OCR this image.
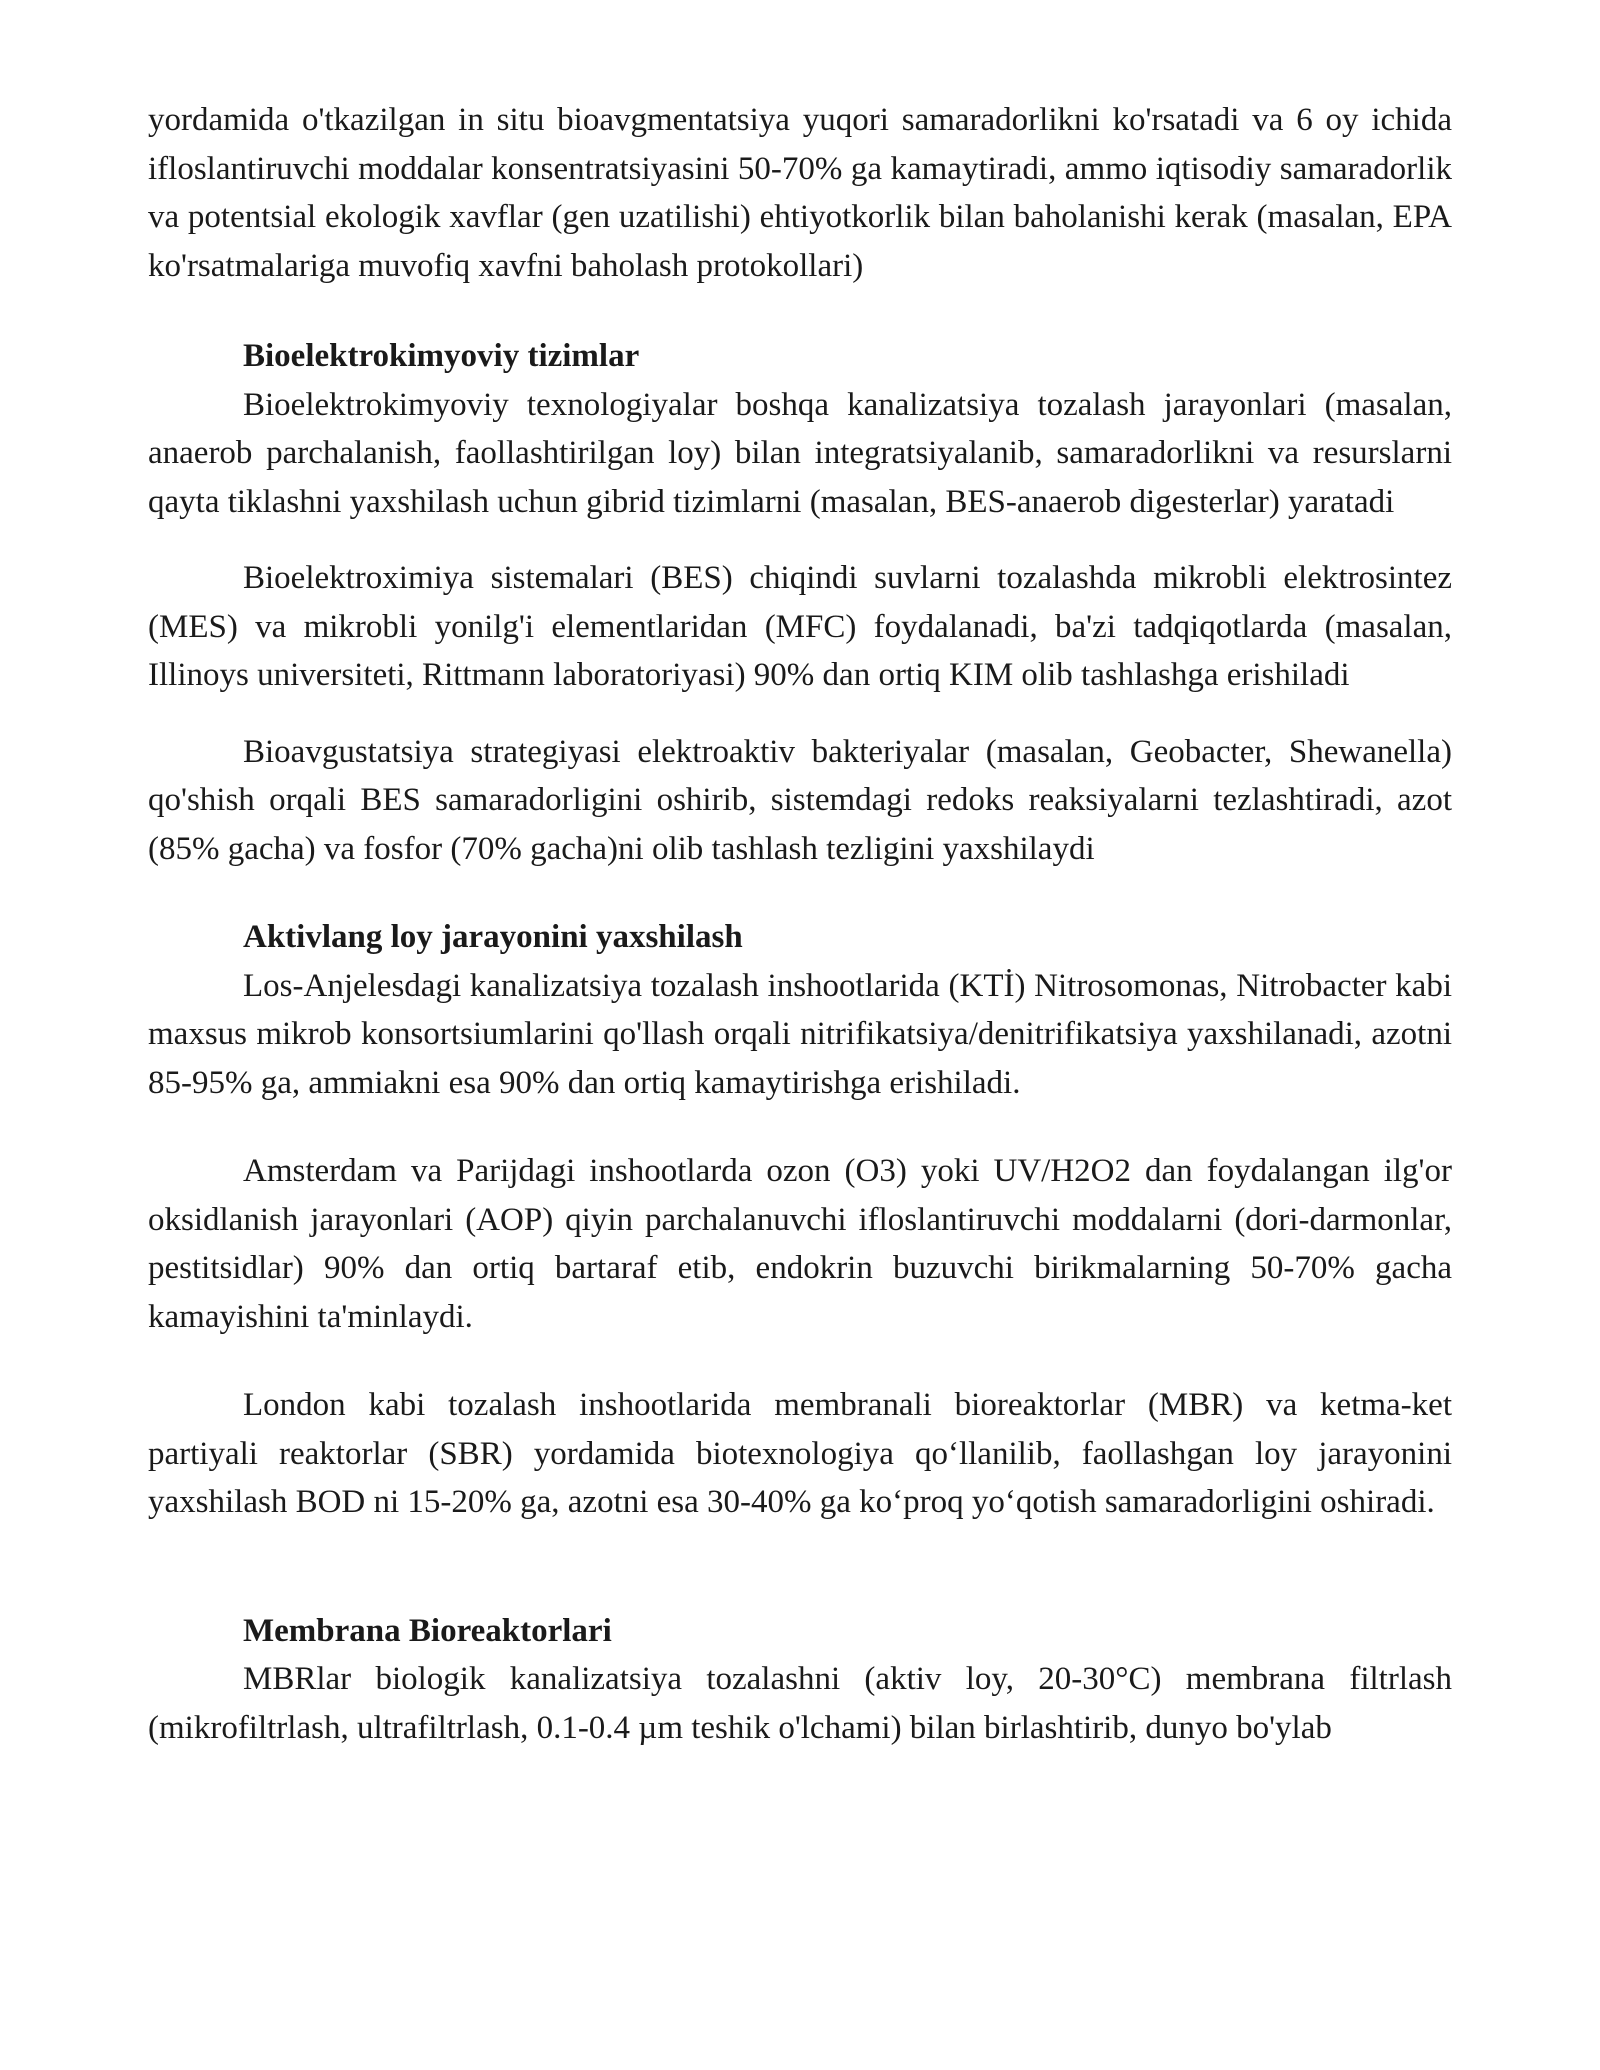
yordamida o'tkazilgan in situ bioavgmentatsiya yuqori samaradorlikni ko'rsatadi va 6 oy ichida ifloslantiruvchi moddalar konsentratsiyasini 50-70% ga kamaytiradi, ammo iqtisodiy samaradorlik va potentsial ekologik xavflar (gen uzatilishi) ehtiyotkorlik bilan baholanishi kerak (masalan, EPA ko'rsatmalariga muvofiq xavfni baholash protokollari)

Bioelektrokimyoviy tizimlar

Bioelektrokimyoviy texnologiyalar boshqa kanalizatsiya tozalash jarayonlari (masalan, anaerob parchalanish, faollashtirilgan loy) bilan integratsiyalanib, samaradorlikni va resurslarni qayta tiklashni yaxshilash uchun gibrid tizimlarni (masalan, BES-anaerob digesterlar) yaratadi

Bioelektroximiya sistemalari (BES) chiqindi suvlarni tozalashda mikrobli elektrosintez (MES) va mikrobli yonilg'i elementlaridan (MFC) foydalanadi, ba'zi tadqiqotlarda (masalan, Illinoys universiteti, Rittmann laboratoriyasi) 90% dan ortiq KIM olib tashlashga erishiladi

Bioavgustatsiya strategiyasi elektroaktiv bakteriyalar (masalan, Geobacter, Shewanella) qo'shish orqali BES samaradorligini oshirib, sistemdagi redoks reaksiyalarni tezlashtiradi, azot (85% gacha) va fosfor (70% gacha)ni olib tashlash tezligini yaxshilaydi

Aktivlang loy jarayonini yaxshilash

Los-Anjelesdagi kanalizatsiya tozalash inshootlarida (KTİ) Nitrosomonas, Nitrobacter kabi maxsus mikrob konsortsiumlarini qo'llash orqali nitrifikatsiya/denitrifikatsiya yaxshilanadi, azotni 85-95% ga, ammiakni esa 90% dan ortiq kamaytirishga erishiladi.

Amsterdam va Parijdagi inshootlarda ozon (O3) yoki UV/H2O2 dan foydalangan ilg'or oksidlanish jarayonlari (AOP) qiyin parchalanuvchi ifloslantiruvchi moddalarni (dori-darmonlar, pestitsidlar) 90% dan ortiq bartaraf etib, endokrin buzuvchi birikmalarning 50-70% gacha kamayishini ta'minlaydi.

London kabi tozalash inshootlarida membranali bioreaktorlar (MBR) va ketma-ket partiyali reaktorlar (SBR) yordamida biotexnologiya qo‘llanilib, faollashgan loy jarayonini yaxshilash BOD ni 15-20% ga, azotni esa 30-40% ga ko‘proq yo‘qotish samaradorligini oshiradi.

Membrana Bioreaktorlari

MBRlar biologik kanalizatsiya tozalashni (aktiv loy, 20-30°C) membrana filtrlash (mikrofiltrlash, ultrafiltrlash, 0.1-0.4 µm teshik o'lchami) bilan birlashtirib, dunyo bo'ylab
